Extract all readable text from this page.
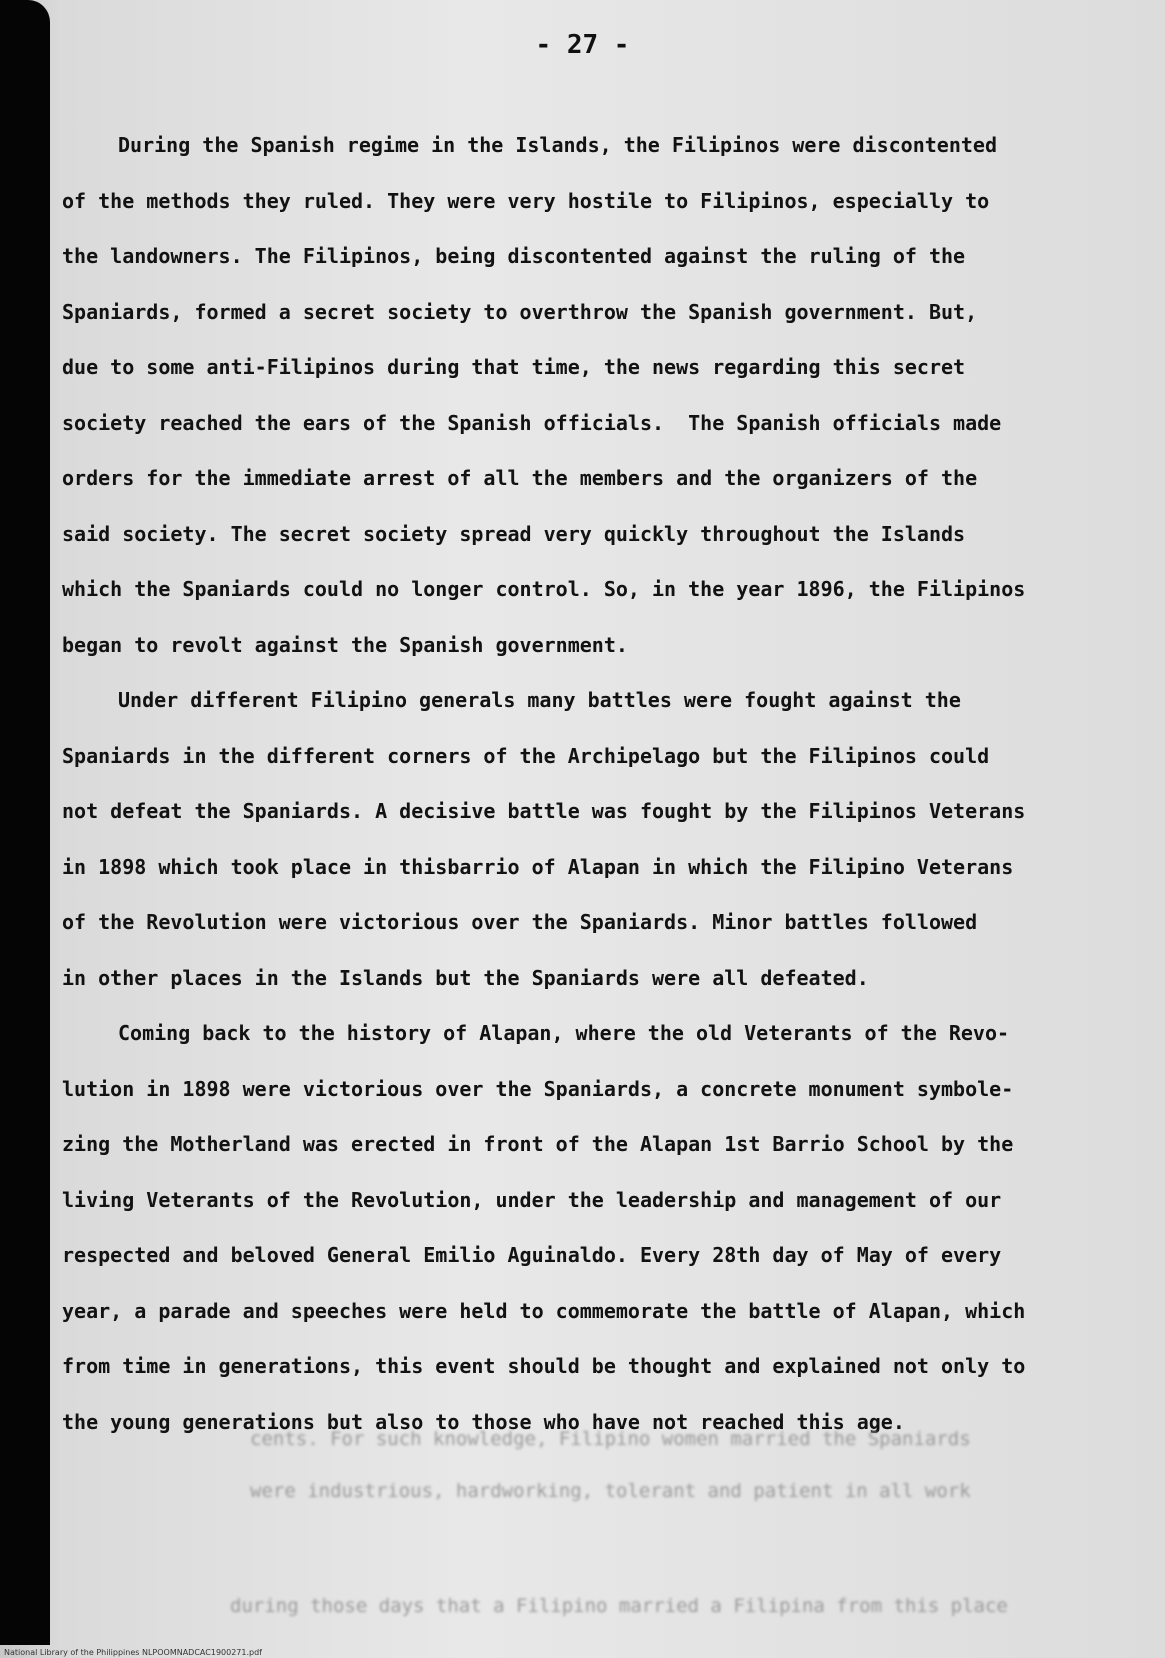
- 27 -
During the Spanish regime in the Islands, the Filipinos were discontented
of the methods they ruled. They were very hostile to Filipinos, especially to
the landowners. The Filipinos, being discontented against the ruling of the
Spaniards, formed a secret society to overthrow the Spanish government. But,
due to some anti-Filipinos during that time, the news regarding this secret
society reached the ears of the Spanish officials.  The Spanish officials made
orders for the immediate arrest of all the members and the organizers of the
said society. The secret society spread very quickly throughout the Islands
which the Spaniards could no longer control. So, in the year 1896, the Filipinos
began to revolt against the Spanish government.
Under different Filipino generals many battles were fought against the
Spaniards in the different corners of the Archipelago but the Filipinos could
not defeat the Spaniards. A decisive battle was fought by the Filipinos Veterans
in 1898 which took place in thisbarrio of Alapan in which the Filipino Veterans
of the Revolution were victorious over the Spaniards. Minor battles followed
in other places in the Islands but the Spaniards were all defeated.
Coming back to the history of Alapan, where the old Veterants of the Revo-
lution in 1898 were victorious over the Spaniards, a concrete monument symbole-
zing the Motherland was erected in front of the Alapan 1st Barrio School by the
living Veterants of the Revolution, under the leadership and management of our
respected and beloved General Emilio Aguinaldo. Every 28th day of May of every
year, a parade and speeches were held to commemorate the battle of Alapan, which
from time in generations, this event should be thought and explained not only to
the young generations but also to those who have not reached this age.
cents. For such knowledge, Filipino women married the Spaniards
were industrious, hardworking, tolerant and patient in all work
during those days that a Filipino married a Filipina from this place
National Library of the Philippines NLPOOMNADCAC1900271.pdf
